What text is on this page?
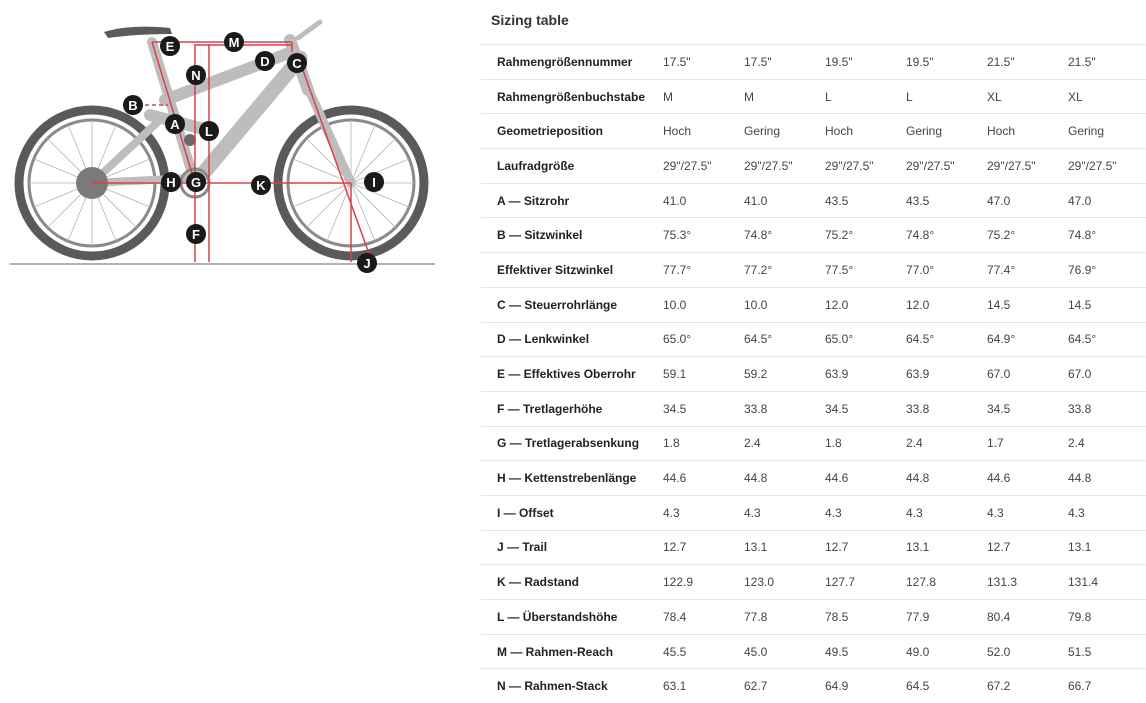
A
B
C
D
E
F
G
H	I
J
K
L
M
N
Sizing table
Rahmengrößennummer	17.5"	17.5"	19.5"	19.5"	21.5"	21.5"
Rahmengrößenbuchstabe	M	M	L	L	XL	XL
Geometrieposition	Hoch	Gering	Hoch	Gering	Hoch	Gering
Laufradgröße	29"/27.5"	29"/27.5"	29"/27.5"	29"/27.5"	29"/27.5"	29"/27.5"
A — Sitzrohr	41.0	41.0	43.5	43.5	47.0	47.0
B — Sitzwinkel	75.3°	74.8°	75.2°	74.8°	75.2°	74.8°
Effektiver Sitzwinkel	77.7°	77.2°	77.5°	77.0°	77.4°	76.9°
C — Steuerrohrlänge	10.0	10.0	12.0	12.0	14.5	14.5
D — Lenkwinkel	65.0°	64.5°	65.0°	64.5°	64.9°	64.5°
E — Effektives Oberrohr	59.1	59.2	63.9	63.9	67.0	67.0
F — Tretlagerhöhe	34.5	33.8	34.5	33.8	34.5	33.8
G — Tretlagerabsenkung	1.8	2.4	1.8	2.4	1.7	2.4
H — Kettenstrebenlänge	44.6	44.8	44.6	44.8	44.6	44.8
I — Offset	4.3	4.3	4.3	4.3	4.3	4.3
J — Trail	12.7	13.1	12.7	13.1	12.7	13.1
K — Radstand	122.9	123.0	127.7	127.8	131.3	131.4
L — Überstandshöhe	78.4	77.8	78.5	77.9	80.4	79.8
M — Rahmen-Reach	45.5	45.0	49.5	49.0	52.0	51.5
N — Rahmen-Stack	63.1	62.7	64.9	64.5	67.2	66.7
